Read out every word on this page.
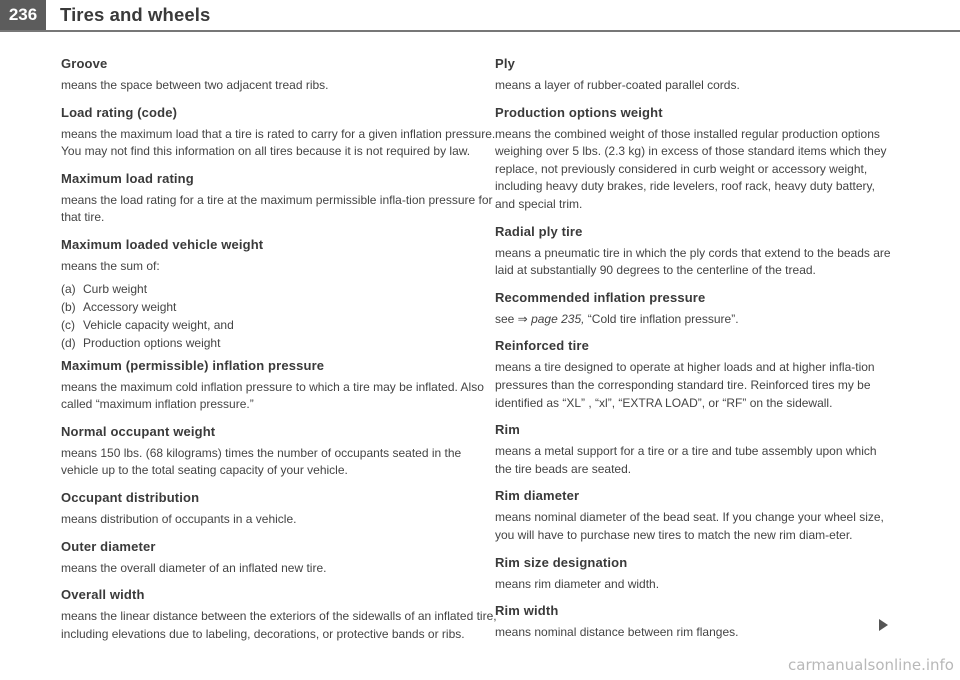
236	Tires and wheels
Groove
means the space between two adjacent tread ribs.
Load rating (code)
means the maximum load that a tire is rated to carry for a given inflation pressure. You may not find this information on all tires because it is not required by law.
Maximum load rating
means the load rating for a tire at the maximum permissible infla-tion pressure for that tire.
Maximum loaded vehicle weight
means the sum of:
(a) Curb weight
(b) Accessory weight
(c) Vehicle capacity weight, and
(d) Production options weight
Maximum (permissible) inflation pressure
means the maximum cold inflation pressure to which a tire may be inflated. Also called “maximum inflation pressure.”
Normal occupant weight
means 150 lbs. (68 kilograms) times the number of occupants seated in the vehicle up to the total seating capacity of your vehicle.
Occupant distribution
means distribution of occupants in a vehicle.
Outer diameter
means the overall diameter of an inflated new tire.
Overall width
means the linear distance between the exteriors of the sidewalls of an inflated tire, including elevations due to labeling, decorations, or protective bands or ribs.
Ply
means a layer of rubber-coated parallel cords.
Production options weight
means the combined weight of those installed regular production options weighing over 5 lbs. (2.3 kg) in excess of those standard items which they replace, not previously considered in curb weight or accessory weight, including heavy duty brakes, ride levelers, roof rack, heavy duty battery, and special trim.
Radial ply tire
means a pneumatic tire in which the ply cords that extend to the beads are laid at substantially 90 degrees to the centerline of the tread.
Recommended inflation pressure
see ⇒ page 235, “Cold tire inflation pressure”.
Reinforced tire
means a tire designed to operate at higher loads and at higher infla-tion pressures than the corresponding standard tire. Reinforced tires my be identified as “XL” , “xl”, “EXTRA LOAD”, or “RF” on the sidewall.
Rim
means a metal support for a tire or a tire and tube assembly upon which the tire beads are seated.
Rim diameter
means nominal diameter of the bead seat. If you change your wheel size, you will have to purchase new tires to match the new rim diam-eter.
Rim size designation
means rim diameter and width.
Rim width
means nominal distance between rim flanges.
carmanualsonline.info
